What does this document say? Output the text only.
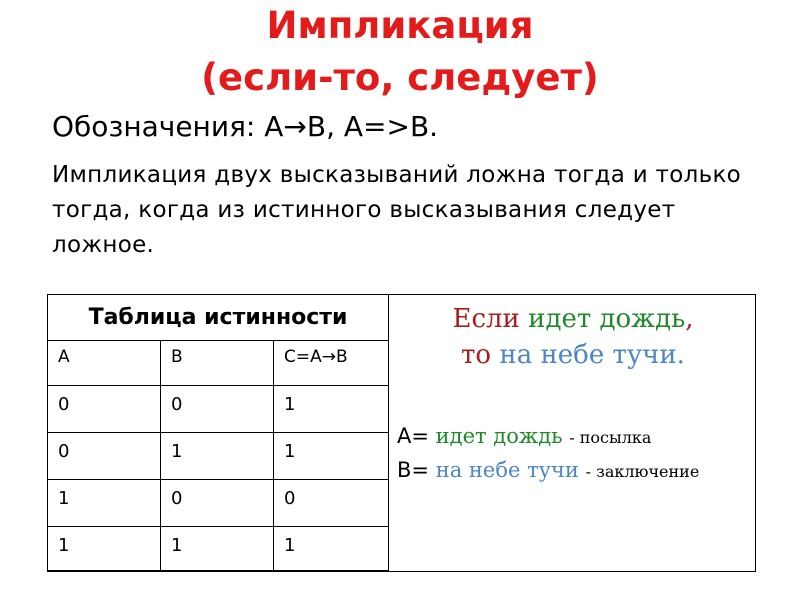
Импликация
(если-то, следует)
Обозначения: A→B, A=>B.
Импликация двух высказываний ложна тогда и только тогда, когда из истинного высказывания следует ложное.
Таблица истинности		
A	B	C=A→B
0	0	1
0	1	1
1	0	0
1	1	1
Если идет дождь,
то на небе тучи.
A= идет дождь - посылка
B= на небе тучи - заключение
